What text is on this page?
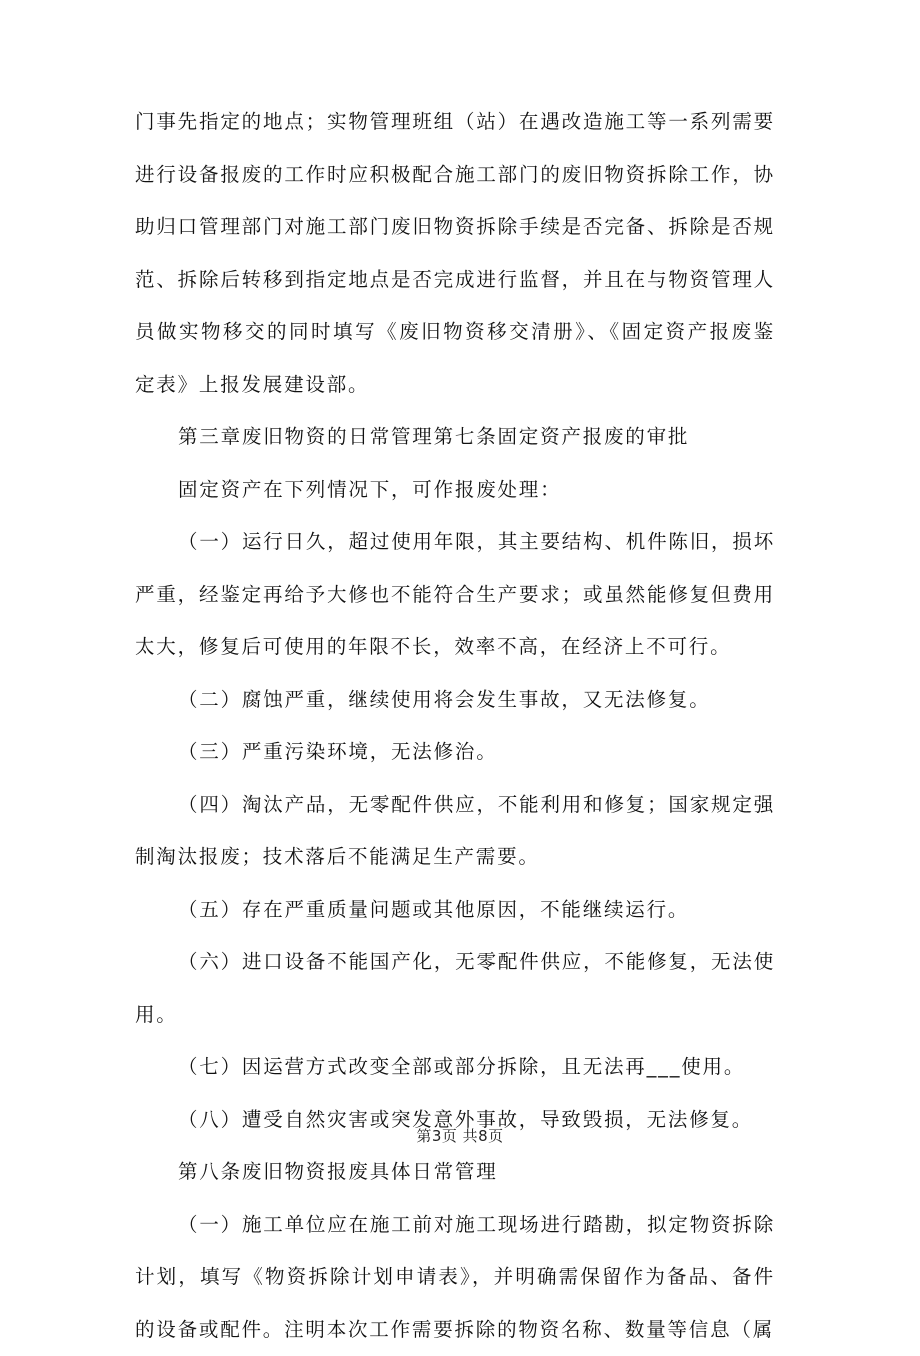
门事先指定的地点；实物管理班组（站）在遇改造施工等一系列需要进行设备报废的工作时应积极配合施工部门的废旧物资拆除工作，协助归口管理部门对施工部门废旧物资拆除手续是否完备、拆除是否规范、拆除后转移到指定地点是否完成进行监督，并且在与物资管理人员做实物移交的同时填写《废旧物资移交清册》、《固定资产报废鉴定表》上报发展建设部。

第三章废旧物资的日常管理第七条固定资产报废的审批

固定资产在下列情况下，可作报废处理：

（一）运行日久，超过使用年限，其主要结构、机件陈旧，损坏严重，经鉴定再给予大修也不能符合生产要求；或虽然能修复但费用太大，修复后可使用的年限不长，效率不高，在经济上不可行。

（二）腐蚀严重，继续使用将会发生事故，又无法修复。

（三）严重污染环境，无法修治。

（四）淘汰产品，无零配件供应，不能利用和修复；国家规定强制淘汰报废；技术落后不能满足生产需要。

（五）存在严重质量问题或其他原因，不能继续运行。

（六）进口设备不能国产化，无零配件供应，不能修复，无法使用。

（七）因运营方式改变全部或部分拆除，且无法再___使用。

（八）遭受自然灾害或突发意外事故，导致毁损，无法修复。

第八条废旧物资报废具体日常管理

（一）施工单位应在施工前对施工现场进行踏勘，拟定物资拆除计划，填写《物资拆除计划申请表》，并明确需保留作为备品、备件的设备或配件。注明本次工作需要拆除的物资名称、数量等信息（属

第3页 共8页
